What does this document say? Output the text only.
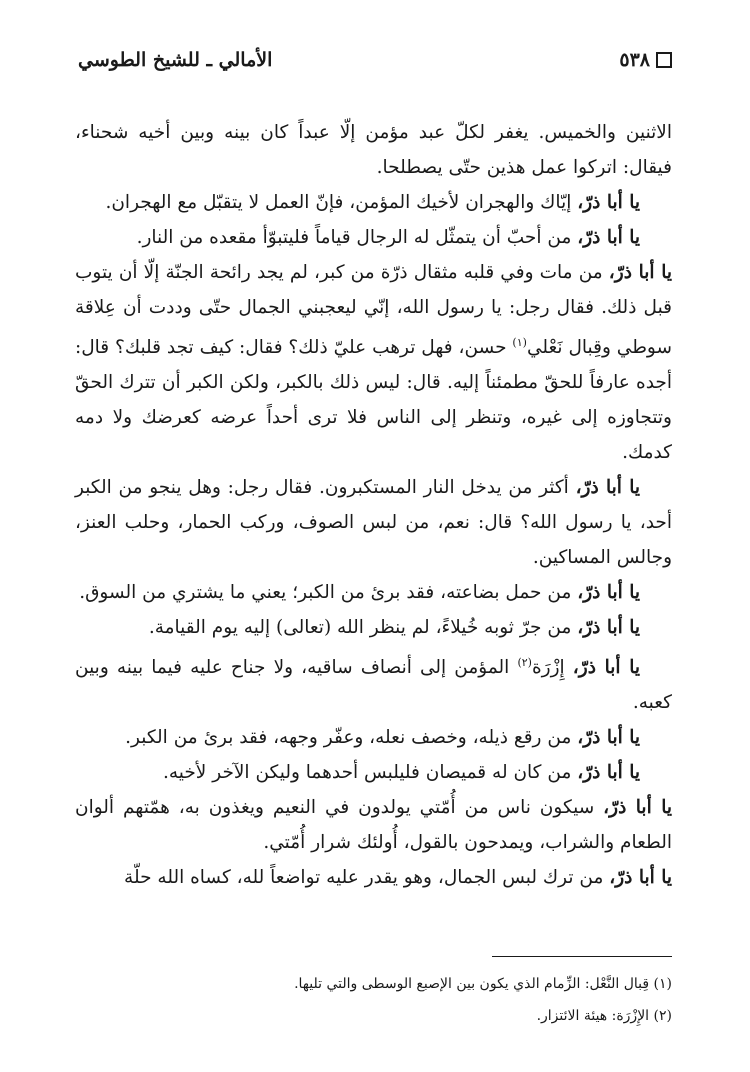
الأمالي ـ للشيخ الطوسي	٥٣٨

الاثنين والخميس. يغفر لكلّ عبد مؤمن إلّا عبداً كان بينه وبين أخيه شحناء، فيقال: اتركوا عمل هذين حتّى يصطلحا.

يا أبا ذرّ، إيّاك والهجران لأخيك المؤمن، فإنّ العمل لا يتقبّل مع الهجران.

يا أبا ذرّ، من أحبّ أن يتمثّل له الرجال قياماً فليتبوّأ مقعده من النار.

يا أبا ذرّ، من مات وفي قلبه مثقال ذرّة من كبر، لم يجد رائحة الجنّة إلّا أن يتوب قبل ذلك. فقال رجل: يا رسول الله، إنّي ليعجبني الجمال حتّى وددت أن عِلاقة سوطي وقِبال نَعْلي$^{(١)}$ حسن، فهل ترهب عليّ ذلك؟ فقال: كيف تجد قلبك؟ قال: أجده عارفاً للحقّ مطمئناً إليه. قال: ليس ذلك بالكبر، ولكن الكبر أن تترك الحقّ وتتجاوزه إلى غيره، وتنظر إلى الناس فلا ترى أحداً عرضه كعرضك ولا دمه كدمك.

يا أبا ذرّ، أكثر من يدخل النار المستكبرون. فقال رجل: وهل ينجو من الكبر أحد، يا رسول الله؟ قال: نعم، من لبس الصوف، وركب الحمار، وحلب العنز، وجالس المساكين.

يا أبا ذرّ، من حمل بضاعته، فقد برئ من الكبر؛ يعني ما يشتري من السوق.

يا أبا ذرّ، من جرّ ثوبه خُيلاءً، لم ينظر الله (تعالى) إليه يوم القيامة.

يا أبا ذرّ، إِزْرَة$^{(٢)}$ المؤمن إلى أنصاف ساقيه، ولا جناح عليه فيما بينه وبين كعبه.

يا أبا ذرّ، من رقع ذيله، وخصف نعله، وعفّر وجهه، فقد برئ من الكبر.

يا أبا ذرّ، من كان له قميصان فليلبس أحدهما وليكن الآخر لأخيه.

يا أبا ذرّ، سيكون ناس من أُمّتي يولدون في النعيم ويغذون به، همّتهم ألوان الطعام والشراب، ويمدحون بالقول، أُولئك شرار أُمّتي.

يا أبا ذرّ، من ترك لبس الجمال، وهو يقدر عليه تواضعاً لله، كساه الله حلّة

(١) قِبال النَّعْل: الزِّمام الذي يكون بين الإصبع الوسطى والتي تليها.

(٢) الإِزْرَة: هيئة الائتزار.
